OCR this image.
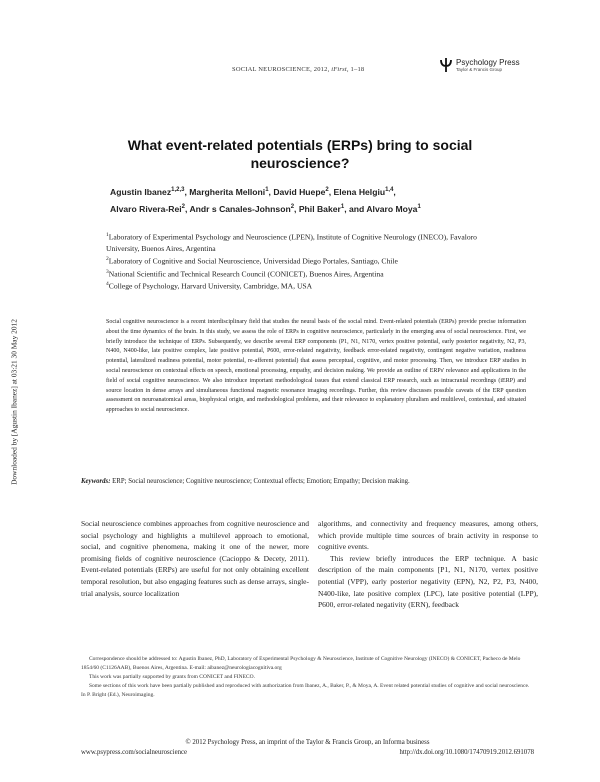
SOCIAL NEUROSCIENCE, 2012, iFirst, 1–18
Psychology Press
Taylor & Francis Group
What event-related potentials (ERPs) bring to social neuroscience?
Agustin Ibanez$^{1,2,3}$, Margherita Melloni$^1$, David Huepe$^2$, Elena Helgiu$^{1,4}$,
Alvaro Rivera-Rei$^2$, Andr s Canales-Johnson$^2$, Phil Baker$^1$, and Alvaro Moya$^1$
$^1$Laboratory of Experimental Psychology and Neuroscience (LPEN), Institute of Cognitive Neurology (INECO), Favaloro University, Buenos Aires, Argentina
$^2$Laboratory of Cognitive and Social Neuroscience, Universidad Diego Portales, Santiago, Chile
$^3$National Scientific and Technical Research Council (CONICET), Buenos Aires, Argentina
$^4$College of Psychology, Harvard University, Cambridge, MA, USA
Downloaded by [Agustin Ibanez] at 03:21 30 May 2012	Social cognitive neuroscience is a recent interdisciplinary field that studies the neural basis of the social mind. Event-related potentials (ERPs) provide precise information about the time dynamics of the brain. In this study, we assess the role of ERPs in cognitive neuroscience, particularly in the emerging area of social neuroscience. First, we briefly introduce the technique of ERPs. Subsequently, we describe several ERP components (P1, N1, N170, vertex positive potential, early posterior negativity, N2, P3, N400, N400-like, late positive complex, late positive potential, P600, error-related negativity, feedback error-related negativity, contingent negative variation, readiness potential, lateralized readiness potential, motor potential, re-afferent potential) that assess perceptual, cognitive, and motor processing. Then, we introduce ERP studies in social neuroscience on contextual effects on speech, emotional processing, empathy, and decision making. We provide an outline of ERPs' relevance and applications in the field of social cognitive neuroscience. We also introduce important methodological issues that extend classical ERP research, such as intracranial recordings (iERP) and source location in dense arrays and simultaneous functional magnetic resonance imaging recordings. Further, this review discusses possible caveats of the ERP question assessment on neuroanatomical areas, biophysical origin, and methodological problems, and their relevance to explanatory pluralism and multilevel, contextual, and situated approaches to social neuroscience.
Keywords: ERP; Social neuroscience; Cognitive neuroscience; Contextual effects; Emotion; Empathy; Decision making.

Social neuroscience combines approaches from cognitive neuroscience and social psychology and highlights a multilevel approach to emotional, social, and cognitive phenomena, making it one of the newer, more promising fields of cognitive neuroscience (Cacioppo & Decety, 2011). Event-related potentials (ERPs) are useful for not only obtaining excellent temporal resolution, but also engaging features such as dense arrays, single-trial analysis, source localization

algorithms, and connectivity and frequency measures, among others, which provide multiple time sources of brain activity in response to cognitive events.

This review briefly introduces the ERP technique. A basic description of the main components [P1, N1, N170, vertex positive potential (VPP), early posterior negativity (EPN), N2, P2, P3, N400, N400-like, late positive complex (LPC), late positive potential (LPP), P600, error-related negativity (ERN), feedback

Correspondence should be addressed to: Agustin Ibanez, PhD, Laboratory of Experimental Psychology & Neuroscience, Institute of Cognitive Neurology (INECO) & CONICET, Pacheco de Melo 1854/60 (C1126AAB), Buenos Aires, Argentina. E-mail: aibanez@neurologiacognitiva.org

This work was partially supported by grants from CONICET and FINECO.

Some sections of this work have been partially published and reproduced with authorization from Ibanez, A., Baker, P., & Moya, A. Event related potential studies of cognitive and social neuroscience. In P. Bright (Ed.), Neuroimaging.

© 2012 Psychology Press, an imprint of the Taylor & Francis Group, an Informa business
www.psypress.com/socialneuroscience	http://dx.doi.org/10.1080/17470919.2012.691078
